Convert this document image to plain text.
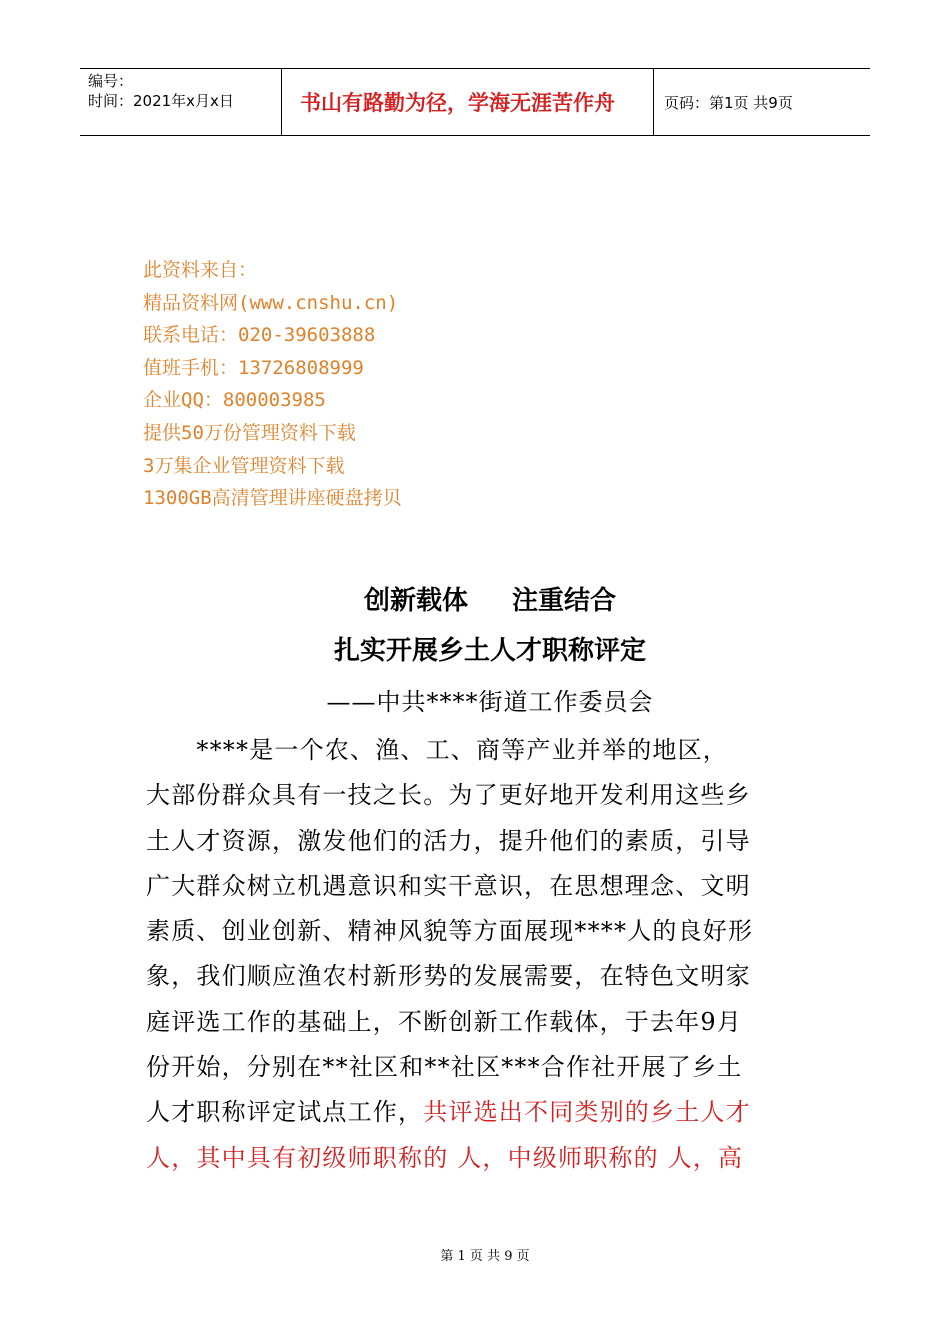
编号：
时间：2021年x月x日	书山有路勤为径，学海无涯苦作舟	页码：第1页 共9页
此资料来自：
精品资料网(www.cnshu.cn)
联系电话：020-39603888
值班手机：13726808999
企业QQ：800003985
提供50万份管理资料下载
3万集企业管理资料下载
1300GB高清管理讲座硬盘拷贝
创新载体 注重结合
扎实开展乡土人才职称评定
——中共****街道工作委员会
　　****是一个农、渔、工、商等产业并举的地区，
大部份群众具有一技之长。为了更好地开发利用这些乡
土人才资源，激发他们的活力，提升他们的素质，引导
广大群众树立机遇意识和实干意识，在思想理念、文明
素质、创业创新、精神风貌等方面展现****人的良好形
象，我们顺应渔农村新形势的发展需要，在特色文明家
庭评选工作的基础上，不断创新工作载体，于去年9月
份开始，分别在**社区和**社区***合作社开展了乡土
人才职称评定试点工作，共评选出不同类别的乡土人才
人，其中具有初级师职称的 人，中级师职称的 人，高
第 1 页 共 9 页
